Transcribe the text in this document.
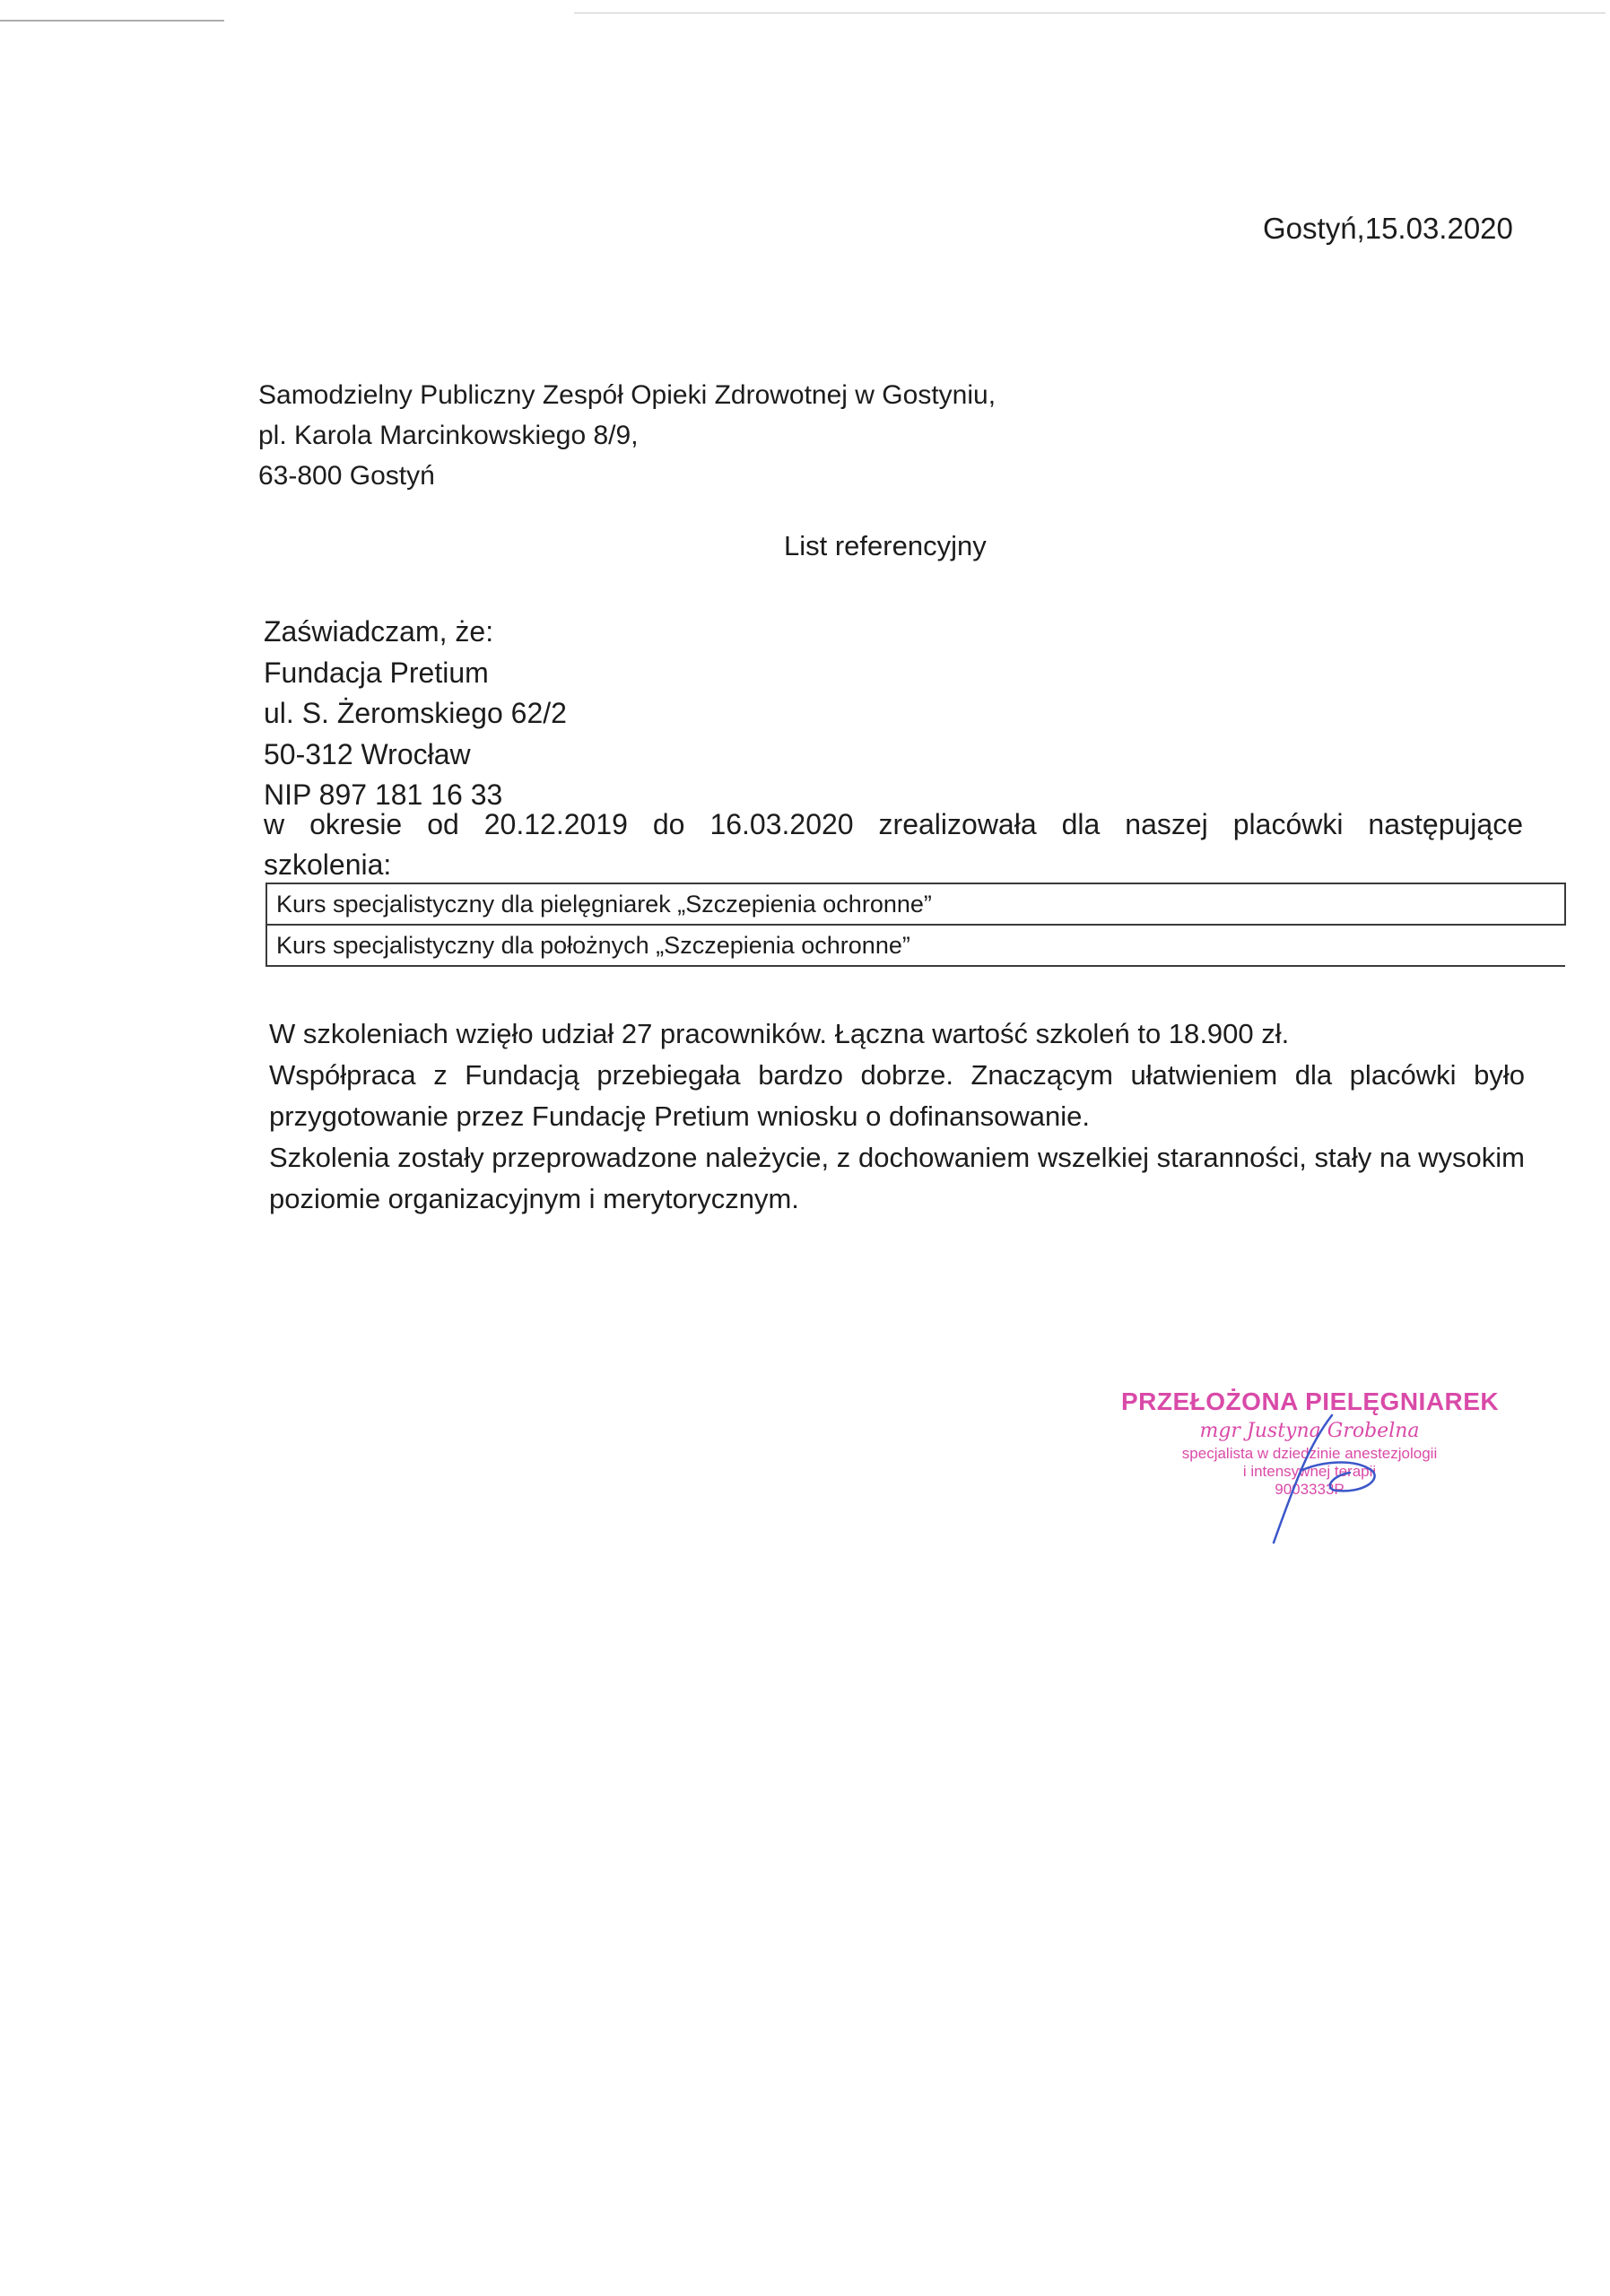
Gostyń,15.03.2020
Samodzielny Publiczny Zespół Opieki Zdrowotnej w Gostyniu,
pl. Karola Marcinkowskiego 8/9,
63-800 Gostyń
List referencyjny
Zaświadczam, że:
Fundacja Pretium
ul. S. Żeromskiego 62/2
50-312 Wrocław
NIP 897 181 16 33
w okresie od 20.12.2019 do 16.03.2020 zrealizowała dla naszej placówki następujące
szkolenia:
Kurs specjalistyczny dla pielęgniarek „Szczepienia ochronne”
Kurs specjalistyczny dla położnych „Szczepienia ochronne”

W szkoleniach wzięło udział 27 pracowników. Łączna wartość szkoleń to 18.900 zł.

Współpraca z Fundacją przebiegała bardzo dobrze. Znaczącym ułatwieniem dla placówki było przygotowanie przez Fundację Pretium wniosku o dofinansowanie.

Szkolenia zostały przeprowadzone należycie, z dochowaniem wszelkiej staranności, stały na wysokim poziomie organizacyjnym i merytorycznym.

PRZEŁOŻONA PIELĘGNIAREK
mgr Justyna Grobelna
specjalista w dziedzinie anestezjologii
i intensywnej terapii
9003333P
